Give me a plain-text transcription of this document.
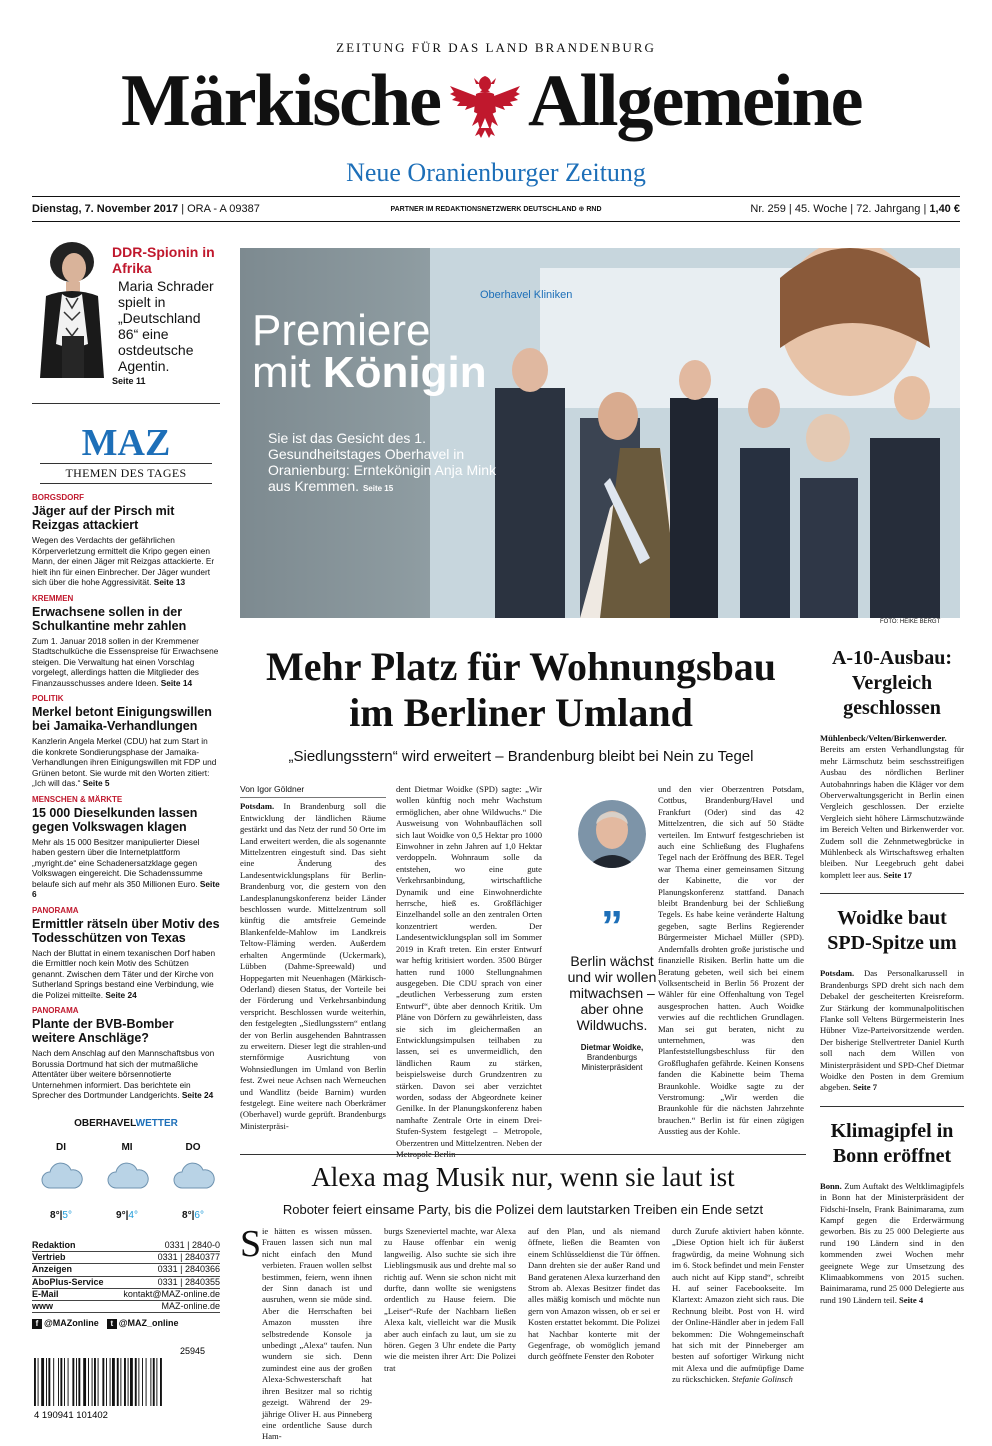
ZEITUNG FÜR DAS LAND BRANDENBURG
Märkische Allgemeine
Neue Oranienburger Zeitung
Dienstag, 7. November 2017 | ORA - A 09387	PARTNER IM REDAKTIONSNETZWERK DEUTSCHLAND ⊕ RND	Nr. 259 | 45. Woche | 72. Jahrgang | 1,40 €
DDR-Spionin in Afrika
Maria Schrader spielt in „Deutschland 86“ eine ostdeutsche Agentin.
Seite 11
MAZ
THEMEN DES TAGES
BORGSDORF
Jäger auf der Pirsch mit Reizgas attackiert
Wegen des Verdachts der gefährlichen Körperverletzung ermittelt die Kripo gegen einen Mann, der einen Jäger mit Reizgas attackierte. Er hielt ihn für einen Einbrecher. Der Jäger wundert sich über die hohe Aggressivität. Seite 13
KREMMEN
Erwachsene sollen in der Schulkantine mehr zahlen
Zum 1. Januar 2018 sollen in der Kremmener Stadtschulküche die Essenspreise für Erwachsene steigen. Die Verwaltung hat einen Vorschlag vorgelegt, allerdings hatten die Mitglieder des Finanzausschusses andere Ideen. Seite 14
POLITIK
Merkel betont Einigungswillen bei Jamaika-Verhandlungen
Kanzlerin Angela Merkel (CDU) hat zum Start in die konkrete Sondierungsphase der Jamaika-Verhandlungen ihren Einigungswillen mit FDP und Grünen betont. Sie wurde mit den Worten zitiert: „Ich will das.“ Seite 5
MENSCHEN & MÄRKTE
15 000 Dieselkunden lassen gegen Volkswagen klagen
Mehr als 15 000 Besitzer manipulierter Diesel haben gestern über die Internetplattform „myright.de“ eine Schadenersatzklage gegen Volkswagen eingereicht. Die Schadenssumme belaufe sich auf mehr als 350 Millionen Euro. Seite 6
PANORAMA
Ermittler rätseln über Motiv des Todesschützen von Texas
Nach der Bluttat in einem texanischen Dorf haben die Ermittler noch kein Motiv des Schützen genannt. Zwischen dem Täter und der Kirche von Sutherland Springs bestand eine Verbindung, wie die Polizei mitteilte. Seite 24
PANORAMA
Plante der BVB-Bomber weitere Anschläge?
Nach dem Anschlag auf den Mannschaftsbus von Borussia Dortmund hat sich der mutmaßliche Attentäter über weitere börsennotierte Unternehmen informiert. Das berichtete ein Sprecher des Dortmunder Landgerichts. Seite 24
OBERHAVELWETTER
DI	MI	DO
8°|5°	9°|4°	8°|6°
Redaktion	0331 | 2840-0
Vertrieb	0331 | 2840377
Anzeigen	0331 | 2840366
AboPlus-Service	0331 | 2840355
E-Mail	kontakt@MAZ-online.de
www	MAZ-online.de
f @MAZonline	t @MAZ_online
25945
4 190941 101402
Oberhavel Kliniken
Premiere
mit Königin
Sie ist das Gesicht des 1. Gesundheitstages Oberhavel in Oranienburg: Erntekönigin Anja Mink aus Kremmen. Seite 15
FOTO: HEIKE BERGT
Mehr Platz für Wohnungsbau
im Berliner Umland
„Siedlungsstern“ wird erweitert – Brandenburg bleibt bei Nein zu Tegel
Von Igor Göldner
Potsdam. In Brandenburg soll die Entwicklung der ländlichen Räume gestärkt und das Netz der rund 50 Orte im Land erweitert werden, die als sogenannte Mittelzentren eingestuft sind. Das sieht eine Änderung des Landesentwicklungsplans für Berlin-Brandenburg vor, die gestern von den Landesplanungskonferenz beider Länder beschlossen wurde. Mittelzentrum soll künftig die amtsfreie Gemeinde Blankenfelde-Mahlow im Landkreis Teltow-Fläming werden. Außerdem erhalten Angermünde (Uckermark), Lübben (Dahme-Spreewald) und Hoppegarten mit Neuenhagen (Märkisch-Oderland) diesen Status, der Vorteile bei der Förderung und Verkehrsanbindung verspricht. Beschlossen wurde weiterhin, den festgelegten „Siedlungsstern“ entlang der von Berlin ausgehenden Bahntrassen zu erweitern. Dieser legt die strahlen-und sternförmige Ausrichtung von Wohnsiedlungen im Umland von Berlin fest. Zwei neue Achsen nach Werneuchen und Wandlitz (beide Barnim) wurden festgelegt. Eine weitere nach Oberkrämer (Oberhavel) wurde geprüft. Brandenburgs Ministerpräsi-
dent Dietmar Woidke (SPD) sagte: „Wir wollen künftig noch mehr Wachstum ermöglichen, aber ohne Wildwuchs.“ Die Ausweisung von Wohnbauflächen soll sich laut Woidke von 0,5 Hektar pro 1000 Einwohner in zehn Jahren auf 1,0 Hektar verdoppeln. Wohnraum solle da entstehen, wo eine gute Verkehrsanbindung, wirtschaftliche Dynamik und eine Einwohnerdichte herrsche, hieß es. Großflächiger Einzelhandel solle an den zentralen Orten konzentriert werden. Der Landesentwicklungsplan soll im Sommer 2019 in Kraft treten. Ein erster Entwurf war heftig kritisiert worden. 3500 Bürger hatten rund 1000 Stellungnahmen ausgegeben. Die CDU sprach von einer „deutlichen Verbesserung zum ersten Entwurf“, übte aber dennoch Kritik. Um Pläne von Dörfern zu gewährleisten, dass sie sich im gleichermaßen an Entwicklungsimpulsen teilhaben zu lassen, sei es unvermeidlich, den ländlichen Raum zu stärken, beispielsweise durch Grundzentren zu stärken. Davon sei aber verzichtet worden, sodass der Abgeordnete keiner Genilke. In der Planungskonferenz haben namhafte Zentrale Orte in einem Drei-Stufen-System festgelegt – Metropole, Oberzentren und Mittelzentren. Neben der Metropole Berlin
”
Berlin wächst und wir wollen mitwachsen – aber ohne Wildwuchs.
Dietmar Woidke,
Brandenburgs Ministerpräsident
und den vier Oberzentren Potsdam, Cottbus, Brandenburg/Havel und Frankfurt (Oder) sind das 42 Mittelzentren, die sich auf 50 Städte verteilen. Im Entwurf festgeschrieben ist auch eine Schließung des Flughafens Tegel nach der Eröffnung des BER. Tegel war Thema einer gemeinsamen Sitzung der Kabinette, die vor der Planungskonferenz stattfand. Danach bleibt Brandenburg bei der Schließung Tegels. Es habe keine veränderte Haltung gegeben, sagte Berlins Regierender Bürgermeister Michael Müller (SPD). Andernfalls drohten große juristische und finanzielle Risiken. Berlin hatte um die Beratung gebeten, weil sich bei einem Volksentscheid in Berlin 56 Prozent der Wähler für eine Offenhaltung von Tegel ausgesprochen hatten. Auch Woidke verwies auf die rechtlichen Grundlagen. Man sei gut beraten, nicht zu unternehmen, was den Planfeststellungsbeschluss für den Großflughafen gefährde. Keinen Konsens fanden die Kabinette beim Thema Braunkohle. Woidke sagte zu der Verstromung: „Wir werden die Braunkohle für die nächsten Jahrzehnte brauchen.“ Berlin ist für einen zügigen Ausstieg aus der Kohle.
A-10-Ausbau: Vergleich geschlossen
Mühlenbeck/Velten/Birkenwerder. Bereits am ersten Verhandlungstag für mehr Lärmschutz beim seschsstreifigen Ausbau des nördlichen Berliner Autobahnrings haben die Kläger vor dem Oberverwaltungsgericht in Berlin einen Vergleich geschlossen. Der erzielte Vergleich sieht höhere Lärmschutzwände im Bereich Velten und Birkenwerder vor. Zudem soll die Zehnmetwegbrücke in Mühlenbeck als Wirtschaftsweg erhalten bleiben. Nur Leegebruch geht dabei komplett leer aus. Seite 17
Woidke baut SPD-Spitze um
Potsdam. Das Personalkarussell in Brandenburgs SPD dreht sich nach dem Debakel der gescheiterten Kreisreform. Zur Stärkung der kommunalpolitischen Flanke soll Veltens Bürgermeisterin Ines Hübner Vize-Parteivorsitzende werden. Der bisherige Stellvertreter Daniel Kurth soll nach dem Willen von Ministerpräsident und SPD-Chef Dietmar Woidke den Posten in dem Gremium abgeben. Seite 7
Klimagipfel in Bonn eröffnet
Bonn. Zum Auftakt des Weltklimagipfels in Bonn hat der Ministerpräsident der Fidschi-Inseln, Frank Bainimarama, zum Kampf gegen die Erderwärmung geworben. Bis zu 25 000 Delegierte aus rund 190 Ländern sind in den kommenden zwei Wochen mehr geeignete Wege zur Umsetzung des Klimaabkommens von 2015 suchen. Bainimarama, rund 25 000 Delegierte aus rund 190 Ländern teil. Seite 4
Alexa mag Musik nur, wenn sie laut ist
Roboter feiert einsame Party, bis die Polizei dem lautstarken Treiben ein Ende setzt
S ie hätten es wissen müssen. Frauen lassen sich nun mal nicht einfach den Mund verbieten. Frauen wollen selbst bestimmen, feiern, wenn ihnen der Sinn danach ist und ausruhen, wenn sie müde sind. Aber die Herrschaften bei Amazon mussten ihre selbstredende Konsole ja unbedingt „Alexa“ taufen. Nun wundern sie sich. Denn zumindest eine aus der großen Alexa-Schwesterschaft hat ihren Besitzer mal so richtig gezeigt. Während der 29-jährige Oliver H. aus Pinneberg eine ordentliche Sause durch Ham-
burgs Szeneviertel machte, war Alexa zu Hause offenbar ein wenig langweilig. Also suchte sie sich ihre Lieblingsmusik aus und drehte mal so richtig auf. Wenn sie schon nicht mit durfte, dann wollte sie wenigstens ordentlich zu Hause feiern. Die „Leiser“-Rufe der Nachbarn ließen Alexa kalt, vielleicht war die Musik aber auch einfach zu laut, um sie zu hören. Gegen 3 Uhr endete die Party wie die meisten ihrer Art: Die Polizei trat
auf den Plan, und als niemand öffnete, ließen die Beamten von einem Schlüsseldienst die Tür öffnen. Dann drehten sie der außer Rand und Band geratenen Alexa kurzerhand den Strom ab. Alexas Besitzer findet das alles mäßig komisch und möchte nun gern von Amazon wissen, ob er sei er Kosten erstattet bekommt. Die Polizei hat Nachbar konterte mit der Gegenfrage, ob womöglich jemand durch geöffnete Fenster den Roboter
durch Zurufe aktiviert haben könnte. „Diese Option hielt ich für äußerst fragwürdig, da meine Wohnung sich im 6. Stock befindet und mein Fenster auch nicht auf Kipp stand“, schreibt H. auf seiner Facebookseite. Im Klartext: Amazon zieht sich raus. Die Rechnung bleibt. Post von H. wird der Online-Händler aber in jedem Fall bekommen: Die Wohngemeinschaft hat sich mit der Pinneberger am besten auf sofortiger Wirkung nicht mit Alexa und die aufmüpfige Dame zu rückschicken. Stefanie Golinsch
